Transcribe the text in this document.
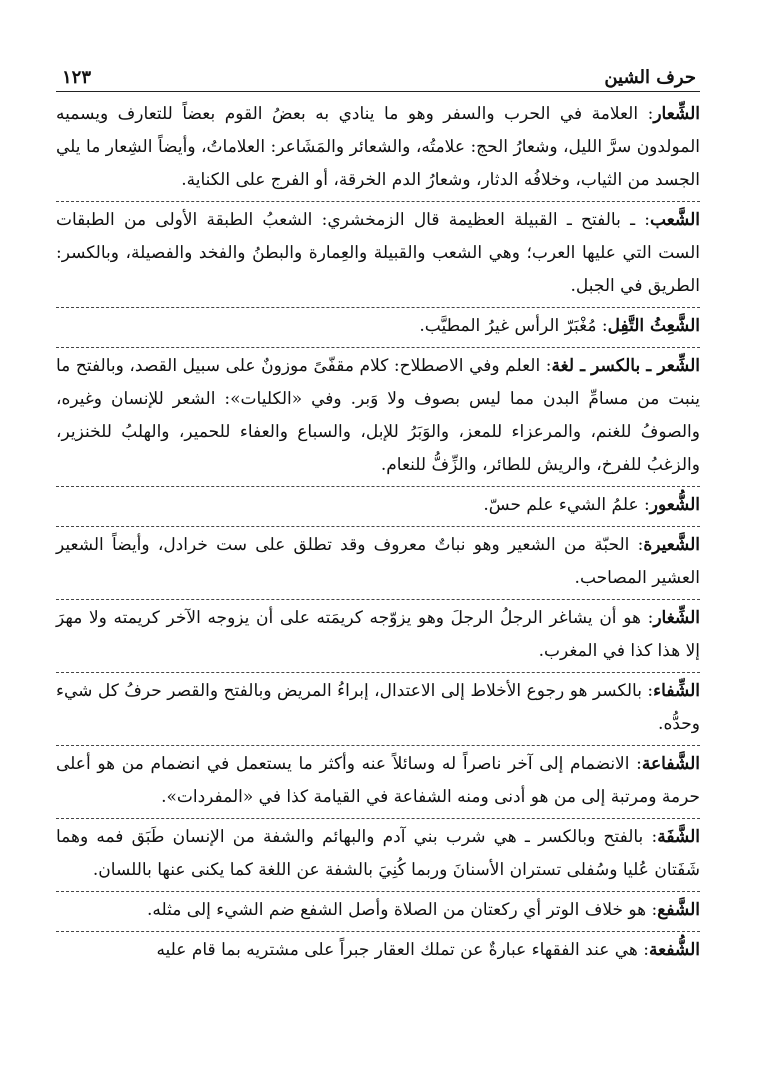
حرف الشين
١٢٣

الشِّعار: العلامة في الحرب والسفر وهو ما ينادي به بعضُ القوم بعضاً للتعارف ويسميه المولدون سرَّ الليل، وشعارُ الحج: علامتُه، والشعائر والمَشَاعر: العلاماتُ، وأيضاً الشِعار ما يلي الجسد من الثياب، وخلافُه الدثار، وشعارُ الدم الخرقة، أو الفرج على الكناية.

الشَّعب: ـ بالفتح ـ القبيلة العظيمة قال الزمخشري: الشعبُ الطبقة الأولى من الطبقات الست التي عليها العرب؛ وهي الشعب والقبيلة والعِمارة والبطنُ والفخد والفصيلة، وبالكسر: الطريق في الجبل.

الشَّعِثُ التَّفِل: مُغْبَرّ الرأس غيرُ المطيَّب.

الشِّعر ـ بالكسر ـ لغة: العلم وفي الاصطلاح: كلام مقفّىً موزونٌ على سبيل القصد، وبالفتح ما ينبت من مسامِّ البدن مما ليس بصوف ولا وَبر. وفي «الكليات»: الشعر للإنسان وغيره، والصوفُ للغنم، والمرعزاء للمعز، والوَبَرُ للإبل، والسباع والعفاء للحمير، والهلبُ للخنزير، والزغبُ للفرخ، والريش للطائر، والزِّفُّ للنعام.

الشُّعور: علمُ الشيء علم حسّ.

الشَّعيرة: الحبّة من الشعير وهو نباتٌ معروف وقد تطلق على ست خرادل، وأيضاً الشعير العشير المصاحب.

الشِّغار: هو أن يشاغر الرجلُ الرجلَ وهو يزوّجه كريمَته على أن يزوجه الآخر كريمته ولا مهرَ إلا هذا كذا في المغرب.

الشِّفاء: بالكسر هو رجوع الأخلاط إلى الاعتدال، إبراءُ المريض وبالفتح والقصر حرفُ كل شيء وحدُّه.

الشَّفاعة: الانضمام إلى آخر ناصراً له وسائلاً عنه وأكثر ما يستعمل في انضمام من هو أعلى حرمة ومرتبة إلى من هو أدنى ومنه الشفاعة في القيامة كذا في «المفردات».

الشَّفَة: بالفتح وبالكسر ـ هي شرب بني آدم والبهائم والشفة من الإنسان طَبَق فمه وهما شَفَتان عُليا وسُفلى تستران الأسنانَ وربما كُنِيَ بالشفة عن اللغة كما يكنى عنها باللسان.

الشَّفع: هو خلاف الوتر أي ركعتان من الصلاة وأصل الشفع ضم الشيء إلى مثله.

الشُّفعة: هي عند الفقهاء عبارةٌ عن تملك العقار جبراً على مشتريه بما قام عليه
